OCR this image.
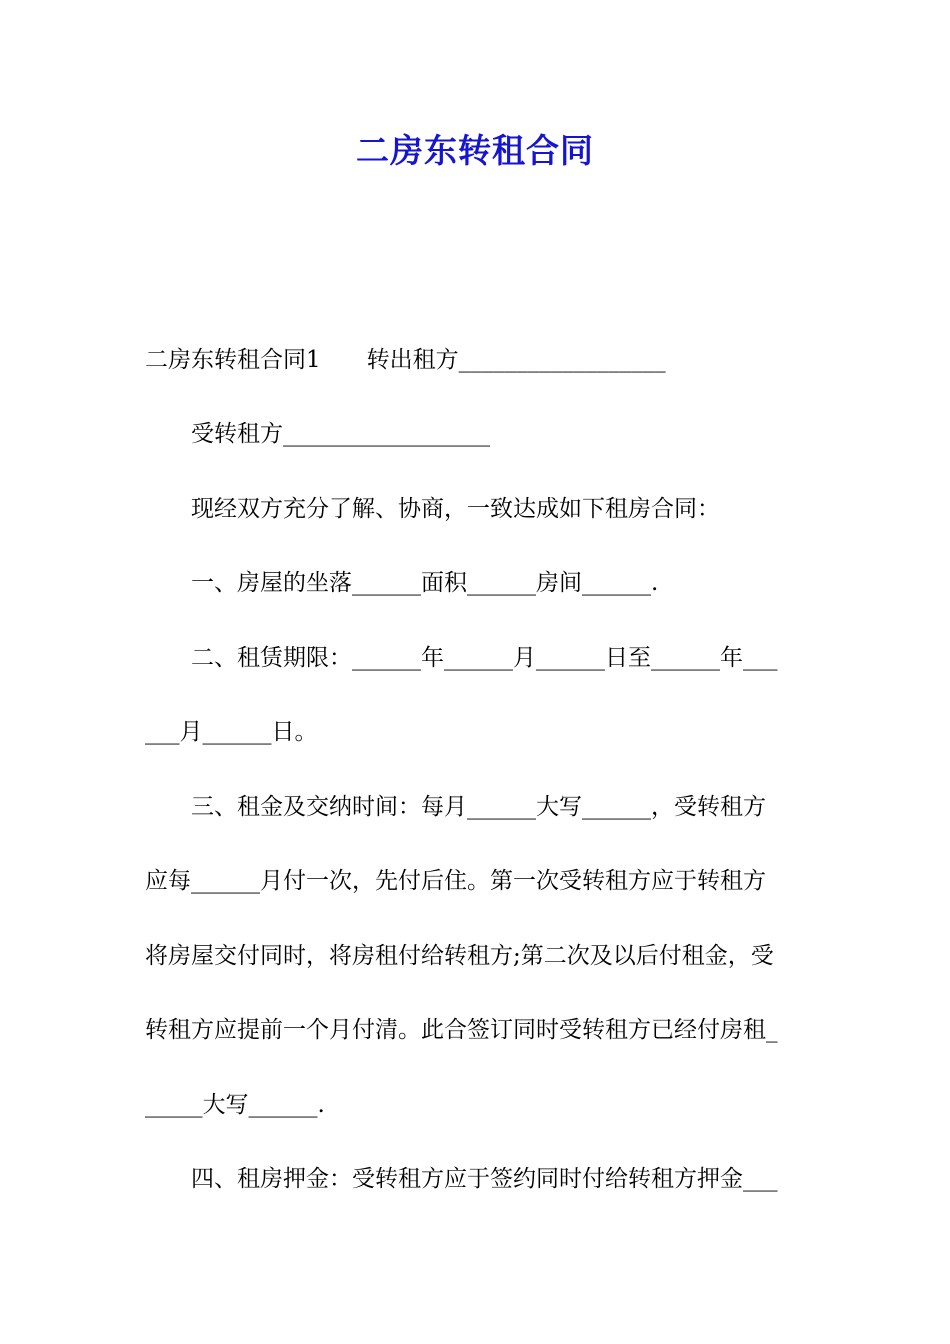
二房东转租合同
二房东转租合同1　　转出租方__________________
　　受转租方__________________
　　现经双方充分了解、协商，一致达成如下租房合同：
　　一、房屋的坐落______面积______房间______.
　　二、租赁期限：______年______月______日至______年___
___月______日。
　　三、租金及交纳时间：每月______大写______，受转租方
应每______月付一次，先付后住。第一次受转租方应于转租方
将房屋交付同时，将房租付给转租方;第二次及以后付租金，受
转租方应提前一个月付清。此合签订同时受转租方已经付房租_
_____大写______.
　　四、租房押金：受转租方应于签约同时付给转租方押金___
